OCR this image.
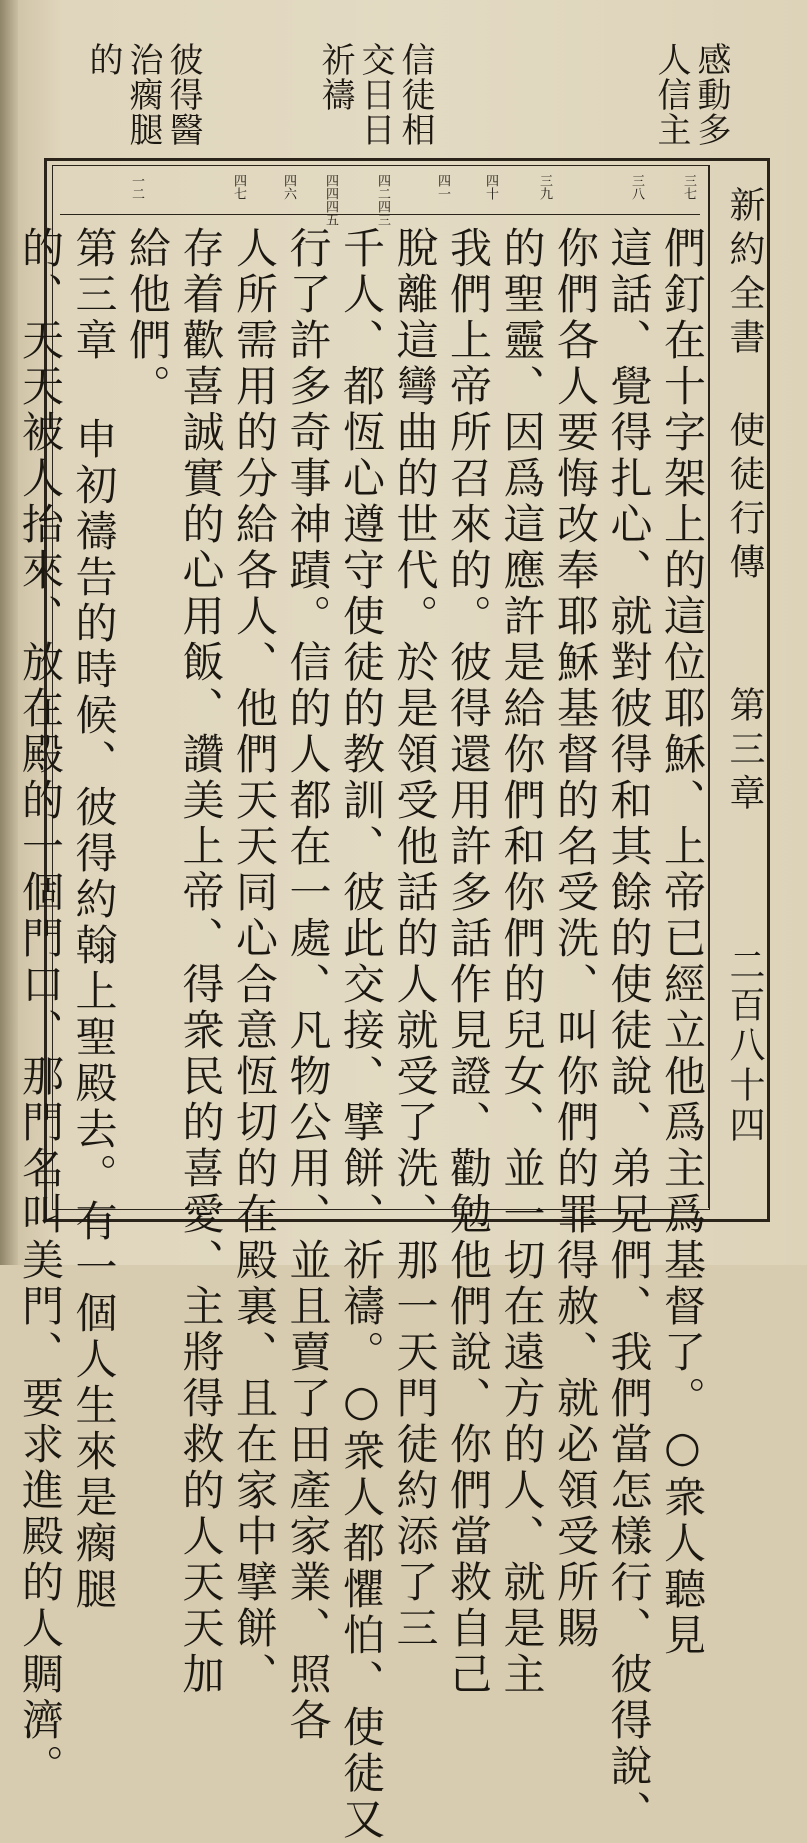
感動多
人信主
信徒相
交日日
祈禱
彼得醫
治瘸腿
的
新約全書 使徒行傳
第三章
二百八十四
三七
三八
三九
四十
四一
四二四三
四四四五
四六
四七
一二
們釘在十字架上的這位耶穌、上帝已經立他爲主爲基督了。○衆人聽見
這話、覺得扎心、就對彼得和其餘的使徒說、弟兄們、我們當怎樣行、彼得說、
你們各人要悔改奉耶穌基督的名受洗、叫你們的罪得赦、就必領受所賜
的聖靈、因爲這應許是給你們和你們的兒女、並一切在遠方的人、就是主
我們上帝所召來的。彼得還用許多話作見證、勸勉他們說、你們當救自己
脫離這彎曲的世代。於是領受他話的人就受了洗、那一天門徒約添了三
千人、都恆心遵守使徒的教訓、彼此交接、擘餅、祈禱。○衆人都懼怕、使徒又
行了許多奇事神蹟。信的人都在一處、凡物公用、並且賣了田產家業、照各
人所需用的分給各人、他們天天同心合意恆切的在殿裏、且在家中擘餅、
存着歡喜誠實的心用飯、讚美上帝、得衆民的喜愛、主將得救的人天天加
給他們。
第三章 申初禱告的時候、彼得約翰上聖殿去。有一個人生來是瘸腿
的、天天被人抬來、放在殿的一個門口、那門名叫美門、要求進殿的人賙濟。
